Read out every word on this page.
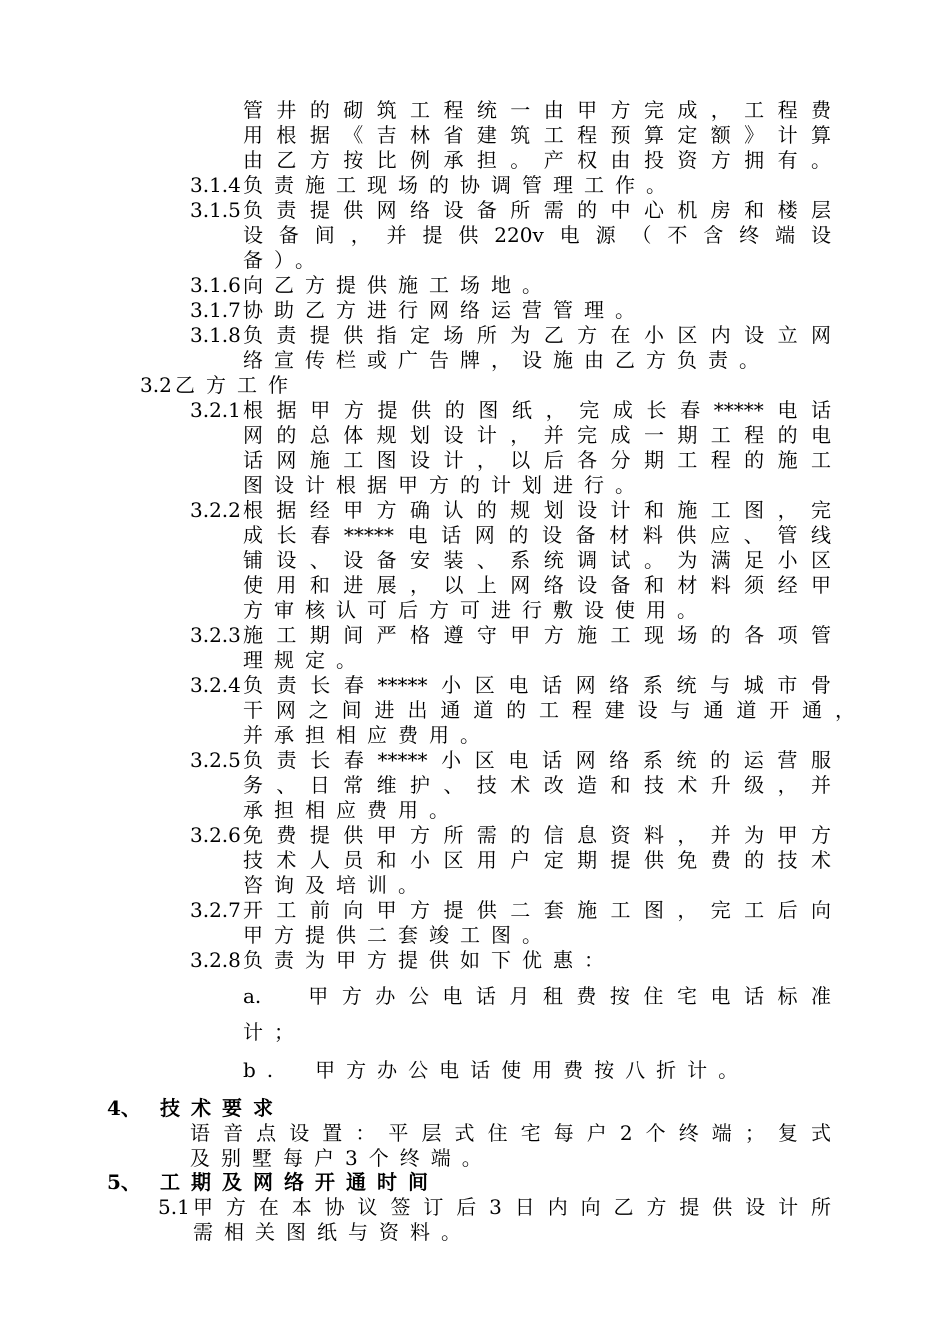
管井的砌筑工程统一由甲方完成，工程费
用根据《吉林省建筑工程预算定额》计算
由乙方按比例承担。产权由投资方拥有。
3.1.4 负责施工现场的协调管理工作。
3.1.5 负责提供网络设备所需的中心机房和楼层
设备间，并提供220v电源（不含终端设
备）。
3.1.6 向乙方提供施工场地。
3.1.7 协助乙方进行网络运营管理。
3.1.8 负责提供指定场所为乙方在小区内设立网
络宣传栏或广告牌，设施由乙方负责。
3.2 乙方工作
3.2.1 根据甲方提供的图纸，完成长春*****电话
网的总体规划设计，并完成一期工程的电
话网施工图设计，以后各分期工程的施工
图设计根据甲方的计划进行。
3.2.2 根据经甲方确认的规划设计和施工图，完
成长春*****电话网的设备材料供应、管线
铺设、设备安装、系统调试。为满足小区
使用和进展，以上网络设备和材料须经甲
方审核认可后方可进行敷设使用。
3.2.3 施工期间严格遵守甲方施工现场的各项管
理规定。
3.2.4 负责长春*****小区电话网络系统与城市骨
干网之间进出通道的工程建设与通道开通，
并承担相应费用。
3.2.5 负责长春*****小区电话网络系统的运营服
务、日常维护、技术改造和技术升级，并
承担相应费用。
3.2.6 免费提供甲方所需的信息资料，并为甲方
技术人员和小区用户定期提供免费的技术
咨询及培训。
3.2.7 开工前向甲方提供二套施工图，完工后向
甲方提供二套竣工图。
3.2.8 负责为甲方提供如下优惠：
a.　甲方办公电话月租费按住宅电话标准
计；
b.　甲方办公电话使用费按八折计。
4、 技术要求
语音点设置：平层式住宅每户2个终端；复式
及别墅每户3个终端。
5、 工期及网络开通时间
5.1 甲方在本协议签订后3日内向乙方提供设计所
需相关图纸与资料。
